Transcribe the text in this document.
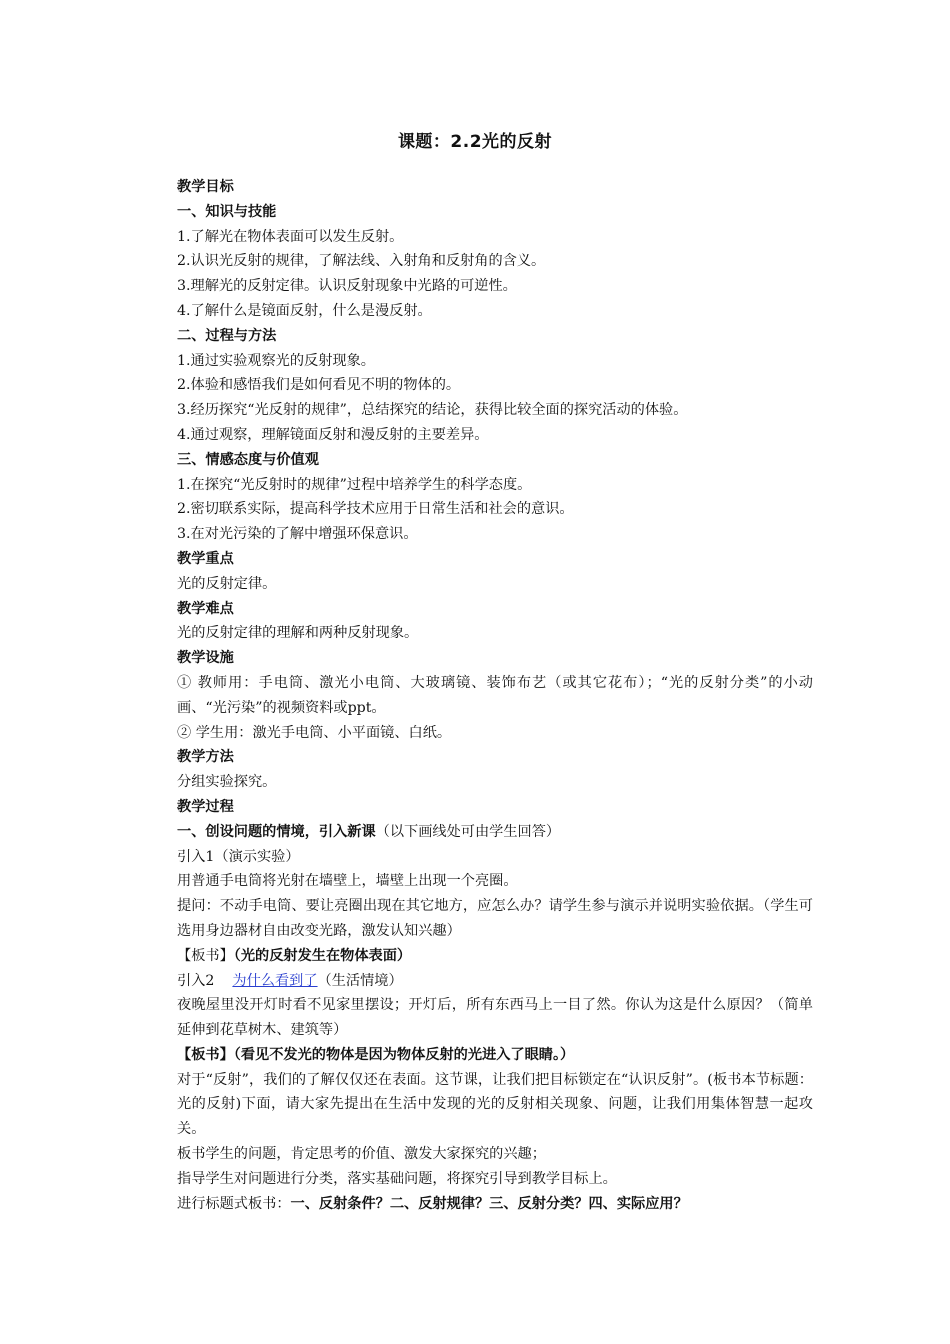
课题：2.2光的反射

教学目标

一、知识与技能

1.了解光在物体表面可以发生反射。

2.认识光反射的规律，了解法线、入射角和反射角的含义。

3.理解光的反射定律。认识反射现象中光路的可逆性。

4.了解什么是镜面反射，什么是漫反射。

二、过程与方法

1.通过实验观察光的反射现象。

2.体验和感悟我们是如何看见不明的物体的。

3.经历探究“光反射的规律”，总结探究的结论，获得比较全面的探究活动的体验。

4.通过观察，理解镜面反射和漫反射的主要差异。

三、情感态度与价值观

1.在探究“光反射时的规律”过程中培养学生的科学态度。

2.密切联系实际，提高科学技术应用于日常生活和社会的意识。

3.在对光污染的了解中增强环保意识。

教学重点

光的反射定律。

教学难点

光的反射定律的理解和两种反射现象。

教学设施

① 教师用：手电筒、激光小电筒、大玻璃镜、装饰布艺（或其它花布）；“光的反射分类”的小动画、“光污染”的视频资料或ppt。

② 学生用：激光手电筒、小平面镜、白纸。

教学方法

分组实验探究。

教学过程

一、创设问题的情境，引入新课（以下画线处可由学生回答）

引入1（演示实验）

用普通手电筒将光射在墙壁上，墙壁上出现一个亮圈。

提问：不动手电筒、要让亮圈出现在其它地方，应怎么办？请学生参与演示并说明实验依据。（学生可选用身边器材自由改变光路，激发认知兴趣）

【板书】（光的反射发生在物体表面）

引入2 为什么看到了（生活情境）

夜晚屋里没开灯时看不见家里摆设；开灯后，所有东西马上一目了然。你认为这是什么原因？（简单延伸到花草树木、建筑等）

【板书】（看见不发光的物体是因为物体反射的光进入了眼睛。）

对于“反射”，我们的了解仅仅还在表面。这节课，让我们把目标锁定在“认识反射”。(板书本节标题：光的反射)下面，请大家先提出在生活中发现的光的反射相关现象、问题，让我们用集体智慧一起攻关。

板书学生的问题，肯定思考的价值、激发大家探究的兴趣；

指导学生对问题进行分类，落实基础问题，将探究引导到教学目标上。

进行标题式板书：一、反射条件？二、反射规律？三、反射分类？四、实际应用？
